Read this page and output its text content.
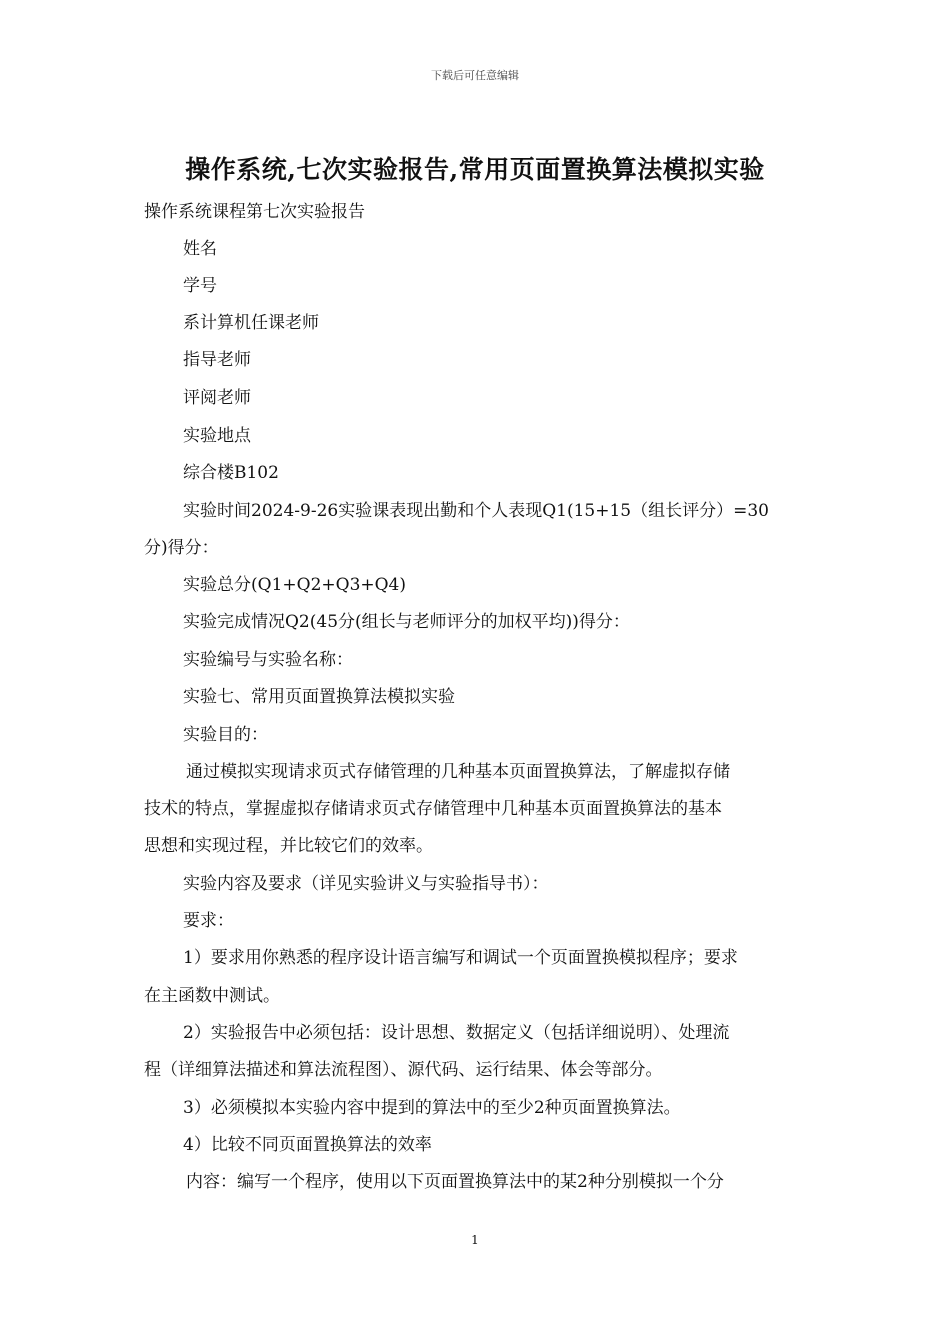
下载后可任意编辑
操作系统,七次实验报告,常用页面置换算法模拟实验
操作系统课程第七次实验报告
姓名
学号
系计算机任课老师
指导老师
评阅老师
实验地点
综合楼B102
实验时间2024-9-26实验课表现出勤和个人表现Q1(15+15（组长评分）=30
分)得分：
实验总分(Q1+Q2+Q3+Q4)
实验完成情况Q2(45分(组长与老师评分的加权平均))得分：
实验编号与实验名称：
实验七、常用页面置换算法模拟实验
实验目的：
通过模拟实现请求页式存储管理的几种基本页面置换算法，了解虚拟存储
技术的特点，掌握虚拟存储请求页式存储管理中几种基本页面置换算法的基本
思想和实现过程，并比较它们的效率。
实验内容及要求（详见实验讲义与实验指导书）：
要求：
1）要求用你熟悉的程序设计语言编写和调试一个页面置换模拟程序；要求
在主函数中测试。
2）实验报告中必须包括：设计思想、数据定义（包括详细说明）、处理流
程（详细算法描述和算法流程图）、源代码、运行结果、体会等部分。
3）必须模拟本实验内容中提到的算法中的至少2种页面置换算法。
4）比较不同页面置换算法的效率
内容：编写一个程序，使用以下页面置换算法中的某2种分别模拟一个分
1
